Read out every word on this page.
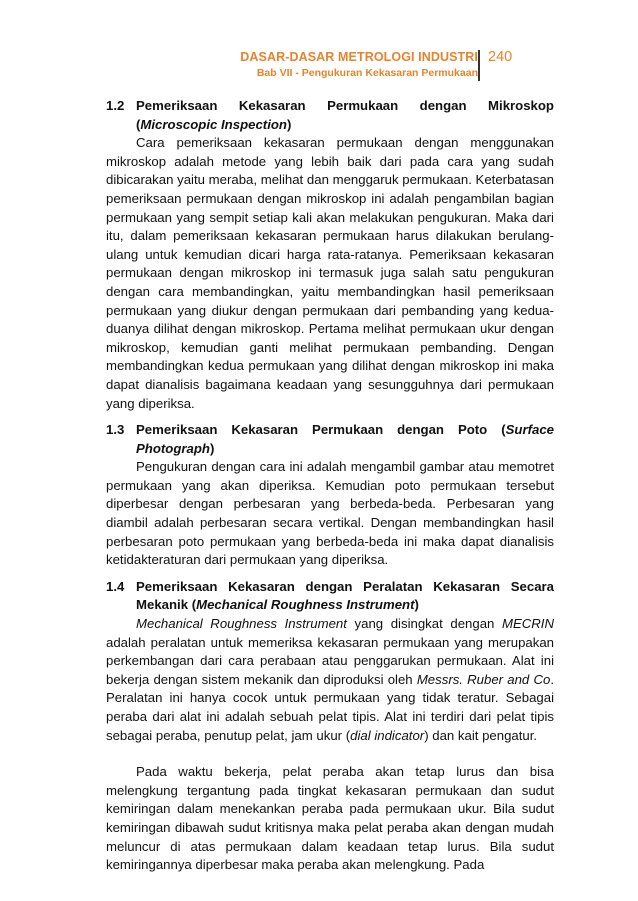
DASAR-DASAR METROLOGI INDUSTRI
Bab VII - Pengukuran Kekasaran Permukaan
240
1.2 Pemeriksaan Kekasaran Permukaan dengan Mikroskop
(Microscopic Inspection)

Cara pemeriksaan kekasaran permukaan dengan menggunakan mikroskop adalah metode yang lebih baik dari pada cara yang sudah dibicarakan yaitu meraba, melihat dan menggaruk permukaan. Keterbatasan pemeriksaan permukaan dengan mikroskop ini adalah pengambilan bagian permukaan yang sempit setiap kali akan melakukan pengukuran. Maka dari itu, dalam pemeriksaan kekasaran permukaan harus dilakukan berulang-ulang untuk kemudian dicari harga rata-ratanya. Pemeriksaan kekasaran permukaan dengan mikroskop ini termasuk juga salah satu pengukuran dengan cara membandingkan, yaitu membandingkan hasil pemeriksaan permukaan yang diukur dengan permukaan dari pembanding yang kedua-duanya dilihat dengan mikroskop. Pertama melihat permukaan ukur dengan mikroskop, kemudian ganti melihat permukaan pembanding. Dengan membandingkan kedua permukaan yang dilihat dengan mikroskop ini maka dapat dianalisis bagaimana keadaan yang sesungguhnya dari permukaan yang diperiksa.

1.3 Pemeriksaan Kekasaran Permukaan dengan Poto (Surface
Photograph)

Pengukuran dengan cara ini adalah mengambil gambar atau memotret permukaan yang akan diperiksa. Kemudian poto permukaan tersebut diperbesar dengan perbesaran yang berbeda-beda. Perbesaran yang diambil adalah perbesaran secara vertikal. Dengan membandingkan hasil perbesaran poto permukaan yang berbeda-beda ini maka dapat dianalisis ketidakteraturan dari permukaan yang diperiksa.

1.4 Pemeriksaan Kekasaran dengan Peralatan Kekasaran Secara
Mekanik (Mechanical Roughness Instrument)

Mechanical Roughness Instrument yang disingkat dengan MECRIN adalah peralatan untuk memeriksa kekasaran permukaan yang merupakan perkembangan dari cara perabaan atau penggarukan permukaan. Alat ini bekerja dengan sistem mekanik dan diproduksi oleh Messrs. Ruber and Co. Peralatan ini hanya cocok untuk permukaan yang tidak teratur. Sebagai peraba dari alat ini adalah sebuah pelat tipis. Alat ini terdiri dari pelat tipis sebagai peraba, penutup pelat, jam ukur (dial indicator) dan kait pengatur.

Pada waktu bekerja, pelat peraba akan tetap lurus dan bisa melengkung tergantung pada tingkat kekasaran permukaan dan sudut kemiringan dalam menekankan peraba pada permukaan ukur. Bila sudut kemiringan dibawah sudut kritisnya maka pelat peraba akan dengan mudah meluncur di atas permukaan dalam keadaan tetap lurus. Bila sudut kemiringannya diperbesar maka peraba akan melengkung. Pada
